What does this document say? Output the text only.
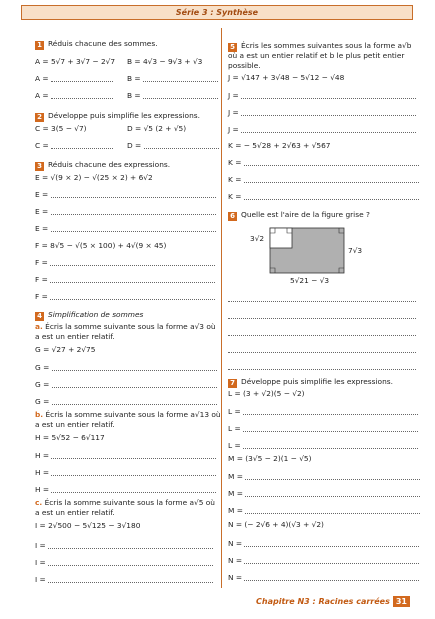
Série 3 : Synthèse
1 Réduis chacune des sommes.
A = 5√7 + 3√7 − 2√7 B = 4√3 − 9√3 + √3
A =	B =
A =	B =
2 Développe puis simplifie les expressions.
C = 3(5 − √7)	D = √5 (2 + √5)
C =	D =
3 Réduis chacune des expressions.
E = √(9 × 2) − √(25 × 2) + 6√2
E =
E =
E =
F = 8√5 − √(5 × 100) + 4√(9 × 45)
F =
F =
F =
4 Simplification de sommes
a. Écris la somme suivante sous la forme a√3 où
a est un entier relatif.
G = √27 + 2√75
G =
G =
G =
b. Écris la somme suivante sous la forme a√13 où
a est un entier relatif.
H = 5√52 − 6√117
H =
H =
H =
c. Écris la somme suivante sous la forme a√5 où
a est un entier relatif.
I = 2√500 − 5√125 − 3√180
I =
I =
I =
5 Écris les sommes suivantes sous la forme a√b
où a est un entier relatif et b le plus petit entier
possible.
J = √147 + 3√48 − 5√12 − √48
J =
J =
J =
K = − 5√28 + 2√63 + √567
K =
K =
K =
6 Quelle est l'aire de la figure grise ?
3√2
7√3
5√21 − √3
7 Développe puis simplifie les expressions.
L = (3 + √2)(5 − √2)
L =
L =
L =
M = (3√5 − 2)(1 − √5)
M =
M =
M =
N = (− 2√6 + 4)(√3 + √2)
N =
N =
N =
Chapitre N3 : Racines carrées 31
